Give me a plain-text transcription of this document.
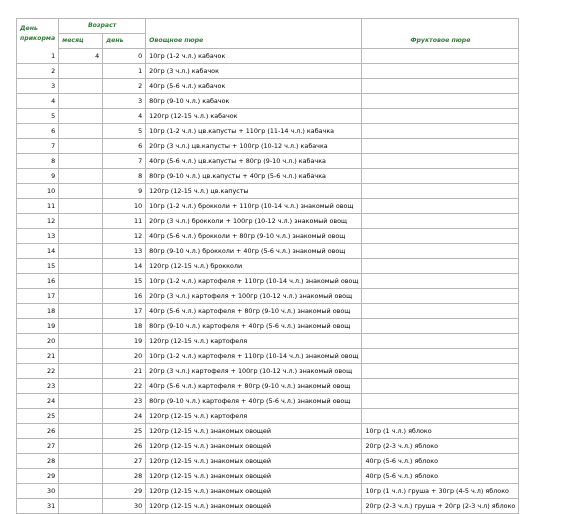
День
прикорма	Возраст			
	месяц	день	Овощное пюре	Фруктовое пюре
1	4	0	10гр (1-2 ч.л.) кабачок	
2		1	20гр (3 ч.л.) кабачок	
3		2	40гр (5-6 ч.л.) кабачок	
4		3	80гр (9-10 ч.л.) кабачок	
5		4	120гр (12-15 ч.л.) кабачок	
6		5	10гр (1-2 ч.л.) цв.капусты + 110гр (11-14 ч.л.) кабачка	
7		6	20гр (3 ч.л.) цв.капусты + 100гр (10-12 ч.л.) кабачка	
8		7	40гр (5-6 ч.л.) цв.капусты + 80гр (9-10 ч.л.) кабачка	
9		8	80гр (9-10 ч.л.) цв.капусты + 40гр (5-6 ч.л.) кабачка	
10		9	120гр (12-15 ч.л.) цв.капусты	
11		10	10гр (1-2 ч.л.) брокколи + 110гр (10-14 ч.л.) знакомый овощ	
12		11	20гр (3 ч.л.) брокколи + 100гр (10-12 ч.л.) знакомый овощ	
13		12	40гр (5-6 ч.л.) брокколи + 80гр (9-10 ч.л.) знакомый овощ	
14		13	80гр (9-10 ч.л.) брокколи + 40гр (5-6 ч.л.) знакомый овощ	
15		14	120гр (12-15 ч.л.) брокколи	
16		15	10гр (1-2 ч.л.) картофеля + 110гр (10-14 ч.л.) знакомый овощ	
17		16	20гр (3 ч.л.) картофеля + 100гр (10-12 ч.л.) знакомый овощ	
18		17	40гр (5-6 ч.л.) картофеля + 80гр (9-10 ч.л.) знакомый овощ	
19		18	80гр (9-10 ч.л.) картофеля + 40гр (5-6 ч.л.) знакомый овощ	
20		19	120гр (12-15 ч.л.) картофеля	
21		20	10гр (1-2 ч.л.) картофеля + 110гр (10-14 ч.л.) знакомый овощ	
22		21	20гр (3 ч.л.) картофеля + 100гр (10-12 ч.л.) знакомый овощ	
23		22	40гр (5-6 ч.л.) картофеля + 80гр (9-10 ч.л.) знакомый овощ	
24		23	80гр (9-10 ч.л.) картофеля + 40гр (5-6 ч.л.) знакомый овощ	
25		24	120гр (12-15 ч.л.) картофеля	
26		25	120гр (12-15 ч.л.) знакомых овощей	10гр (1 ч.л.) яблоко
27		26	120гр (12-15 ч.л.) знакомых овощей	20гр (2-3 ч.л.) яблоко
28		27	120гр (12-15 ч.л.) знакомых овощей	40гр (5-6 ч.л.) яблоко
29		28	120гр (12-15 ч.л.) знакомых овощей	40гр (5-6 ч.л.) яблоко
30		29	120гр (12-15 ч.л.) знакомых овощей	10гр (1 ч.л.) груша + 30гр (4-5 ч.л) яблоко
31		30	120гр (12-15 ч.л.) знакомых овощей	20гр (2-3 ч.л.) груша + 20гр (2-3 ч.л) яблоко
